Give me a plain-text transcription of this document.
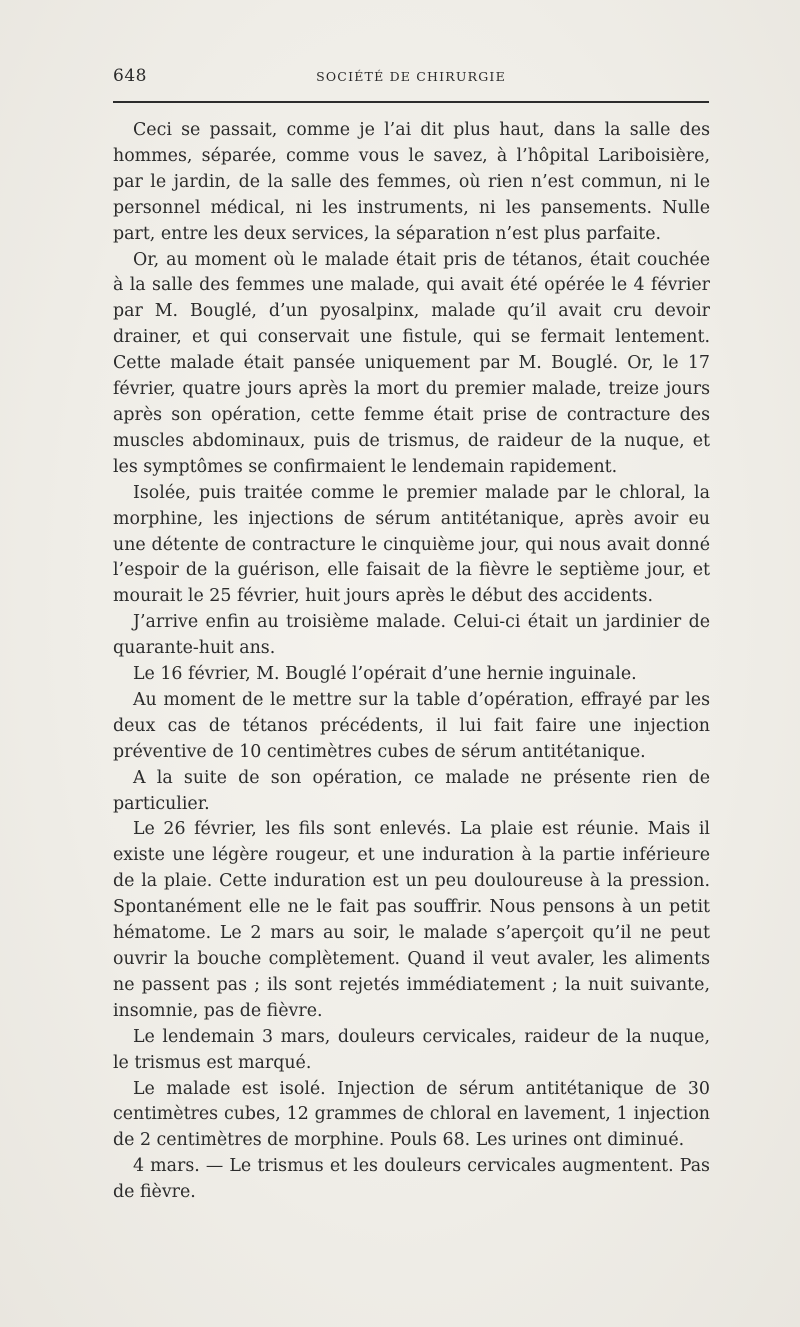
648	SOCIÉTÉ DE CHIRURGIE

Ceci se passait, comme je l’ai dit plus haut, dans la salle des hommes, séparée, comme vous le savez, à l’hôpital Lariboisière, par le jardin, de la salle des femmes, où rien n’est commun, ni le personnel médical, ni les instruments, ni les pansements. Nulle part, entre les deux services, la séparation n’est plus parfaite.

Or, au moment où le malade était pris de tétanos, était couchée à la salle des femmes une malade, qui avait été opérée le 4 février par M. Bouglé, d’un pyosalpinx, malade qu’il avait cru devoir drainer, et qui conservait une fistule, qui se fermait lentement. Cette malade était pansée uniquement par M. Bouglé. Or, le 17 février, quatre jours après la mort du premier malade, treize jours après son opération, cette femme était prise de contracture des muscles abdominaux, puis de trismus, de raideur de la nuque, et les symptômes se confirmaient le lendemain rapidement.

Isolée, puis traitée comme le premier malade par le chloral, la morphine, les injections de sérum antitétanique, après avoir eu une détente de contracture le cinquième jour, qui nous avait donné l’espoir de la guérison, elle faisait de la fièvre le septième jour, et mourait le 25 février, huit jours après le début des accidents.

J’arrive enfin au troisième malade. Celui-ci était un jardinier de quarante-huit ans.

Le 16 février, M. Bouglé l’opérait d’une hernie inguinale.

Au moment de le mettre sur la table d’opération, effrayé par les deux cas de tétanos précédents, il lui fait faire une injection préventive de 10 centimètres cubes de sérum antitétanique.

A la suite de son opération, ce malade ne présente rien de particulier.

Le 26 février, les fils sont enlevés. La plaie est réunie. Mais il existe une légère rougeur, et une induration à la partie inférieure de la plaie. Cette induration est un peu douloureuse à la pression. Spontanément elle ne le fait pas souffrir. Nous pensons à un petit hématome. Le 2 mars au soir, le malade s’aperçoit qu’il ne peut ouvrir la bouche complètement. Quand il veut avaler, les aliments ne passent pas ; ils sont rejetés immédiatement ; la nuit suivante, insomnie, pas de fièvre.

Le lendemain 3 mars, douleurs cervicales, raideur de la nuque, le trismus est marqué.

Le malade est isolé. Injection de sérum antitétanique de 30 centimètres cubes, 12 grammes de chloral en lavement, 1 injection de 2 centimètres de morphine. Pouls 68. Les urines ont diminué.

4 mars. — Le trismus et les douleurs cervicales augmentent. Pas de fièvre.
